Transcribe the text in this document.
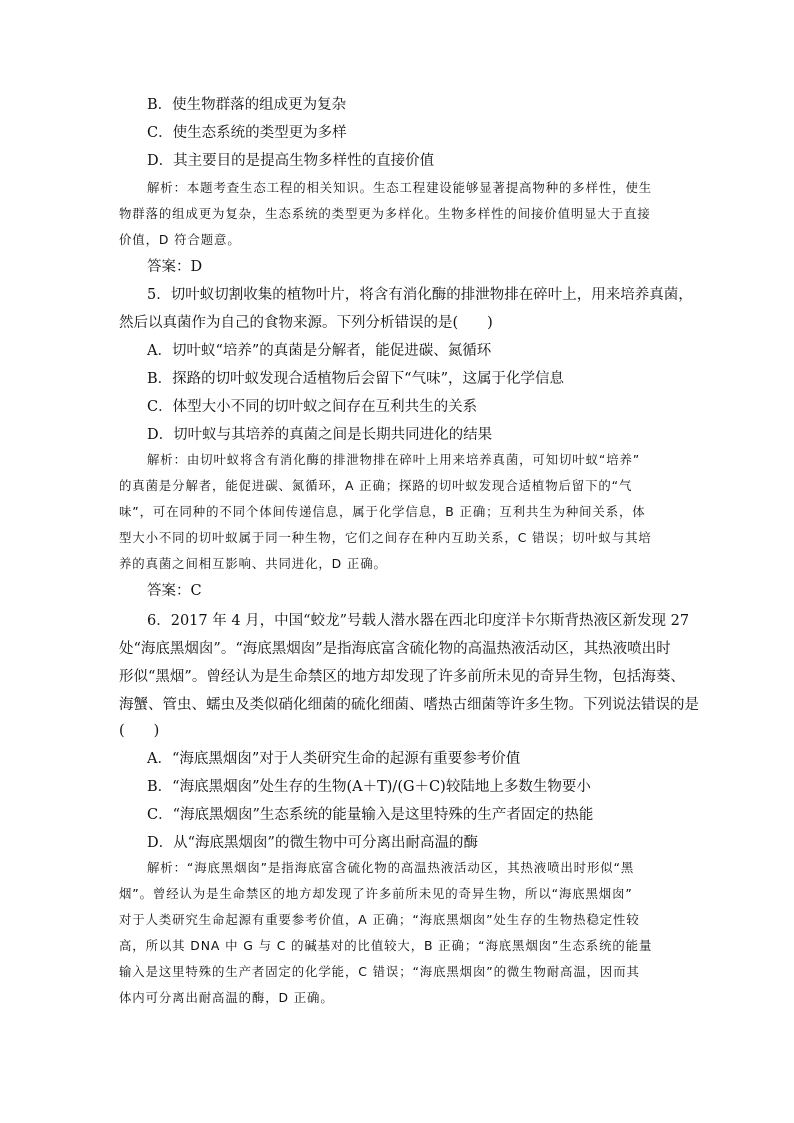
B．使生物群落的组成更为复杂
C．使生态系统的类型更为多样
D．其主要目的是提高生物多样性的直接价值
解析：本题考查生态工程的相关知识。生态工程建设能够显著提高物种的多样性，使生
物群落的组成更为复杂，生态系统的类型更为多样化。生物多样性的间接价值明显大于直接
价值，D 符合题意。
答案：D
5．切叶蚁切割收集的植物叶片，将含有消化酶的排泄物排在碎叶上，用来培养真菌，
然后以真菌作为自己的食物来源。下列分析错误的是(　　)
A．切叶蚁“培养”的真菌是分解者，能促进碳、氮循环
B．探路的切叶蚁发现合适植物后会留下“气味”，这属于化学信息
C．体型大小不同的切叶蚁之间存在互利共生的关系
D．切叶蚁与其培养的真菌之间是长期共同进化的结果
解析：由切叶蚁将含有消化酶的排泄物排在碎叶上用来培养真菌，可知切叶蚁“培养”
的真菌是分解者，能促进碳、氮循环，A 正确；探路的切叶蚁发现合适植物后留下的“气
味”，可在同种的不同个体间传递信息，属于化学信息，B 正确；互利共生为种间关系，体
型大小不同的切叶蚁属于同一种生物，它们之间存在种内互助关系，C 错误；切叶蚁与其培
养的真菌之间相互影响、共同进化，D 正确。
答案：C
6．2017 年 4 月，中国“蛟龙”号载人潜水器在西北印度洋卡尔斯背热液区新发现 27
处“海底黑烟囱”。“海底黑烟囱”是指海底富含硫化物的高温热液活动区，其热液喷出时
形似“黑烟”。曾经认为是生命禁区的地方却发现了许多前所未见的奇异生物，包括海葵、
海蟹、管虫、蠕虫及类似硝化细菌的硫化细菌、嗜热古细菌等许多生物。下列说法错误的是
(　　)
A．“海底黑烟囱”对于人类研究生命的起源有重要参考价值
B．“海底黑烟囱”处生存的生物(A＋T)/(G＋C)较陆地上多数生物要小
C．“海底黑烟囱”生态系统的能量输入是这里特殊的生产者固定的热能
D．从“海底黑烟囱”的微生物中可分离出耐高温的酶
解析：“海底黑烟囱”是指海底富含硫化物的高温热液活动区，其热液喷出时形似“黑
烟”。曾经认为是生命禁区的地方却发现了许多前所未见的奇异生物，所以“海底黑烟囱”
对于人类研究生命起源有重要参考价值，A 正确；“海底黑烟囱”处生存的生物热稳定性较
高，所以其 DNA 中 G 与 C 的碱基对的比值较大，B 正确；“海底黑烟囱”生态系统的能量
输入是这里特殊的生产者固定的化学能，C 错误；“海底黑烟囱”的微生物耐高温，因而其
体内可分离出耐高温的酶，D 正确。
